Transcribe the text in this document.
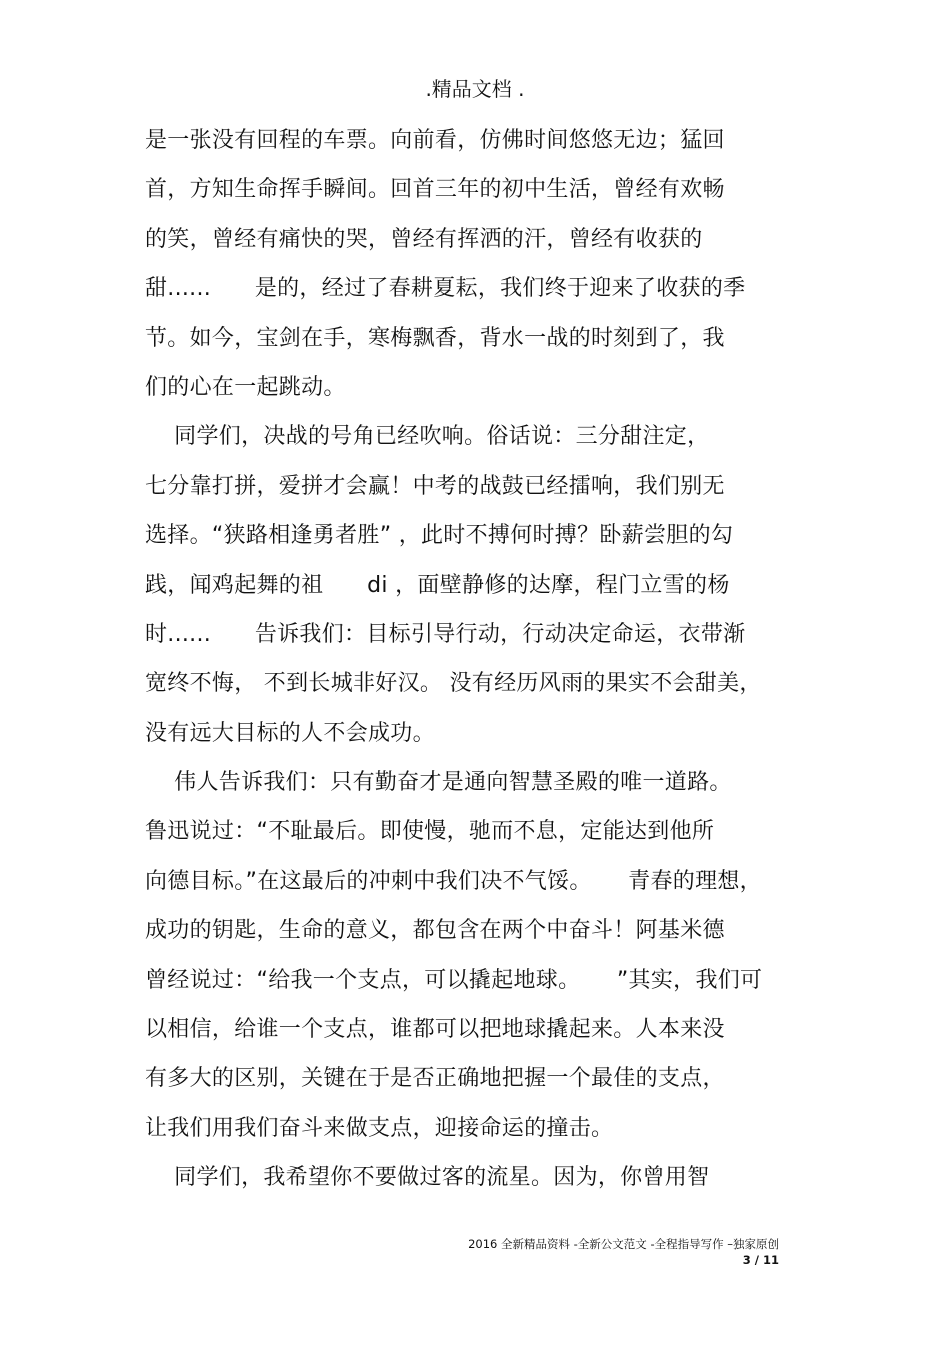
.精品文档 .
是一张没有回程的车票。向前看，仿佛时间悠悠无边；猛回
首，方知生命挥手瞬间。回首三年的初中生活，曾经有欢畅
的笑，曾经有痛快的哭，曾经有挥洒的汗，曾经有收获的
甜......      是的，经过了春耕夏耘，我们终于迎来了收获的季
节。如今，宝剑在手，寒梅飘香，背水一战的时刻到了，我
们的心在一起跳动。
同学们，决战的号角已经吹响。俗话说：三分甜注定，
七分靠打拼，爱拼才会赢！中考的战鼓已经擂响，我们别无
选择。“狭路相逢勇者胜” ，此时不搏何时搏？卧薪尝胆的勾
践，闻鸡起舞的祖      di ，面壁静修的达摩，程门立雪的杨
时......      告诉我们：目标引导行动，行动决定命运，衣带渐
宽终不悔， 不到长城非好汉。 没有经历风雨的果实不会甜美，
没有远大目标的人不会成功。
伟人告诉我们：只有勤奋才是通向智慧圣殿的唯一道路。
鲁迅说过：“不耻最后。即使慢，驰而不息，定能达到他所
向德目标。”在这最后的冲刺中我们决不气馁。     青春的理想，
成功的钥匙，生命的意义，都包含在两个中奋斗！阿基米德
曾经说过：“给我一个支点，可以撬起地球。     ”其实，我们可
以相信，给谁一个支点，谁都可以把地球撬起来。人本来没
有多大的区别，关键在于是否正确地把握一个最佳的支点，
让我们用我们奋斗来做支点，迎接命运的撞击。
同学们，我希望你不要做过客的流星。因为，你曾用智
2016 全新精品资料 -全新公文范文 -全程指导写作 –独家原创
3 / 11
